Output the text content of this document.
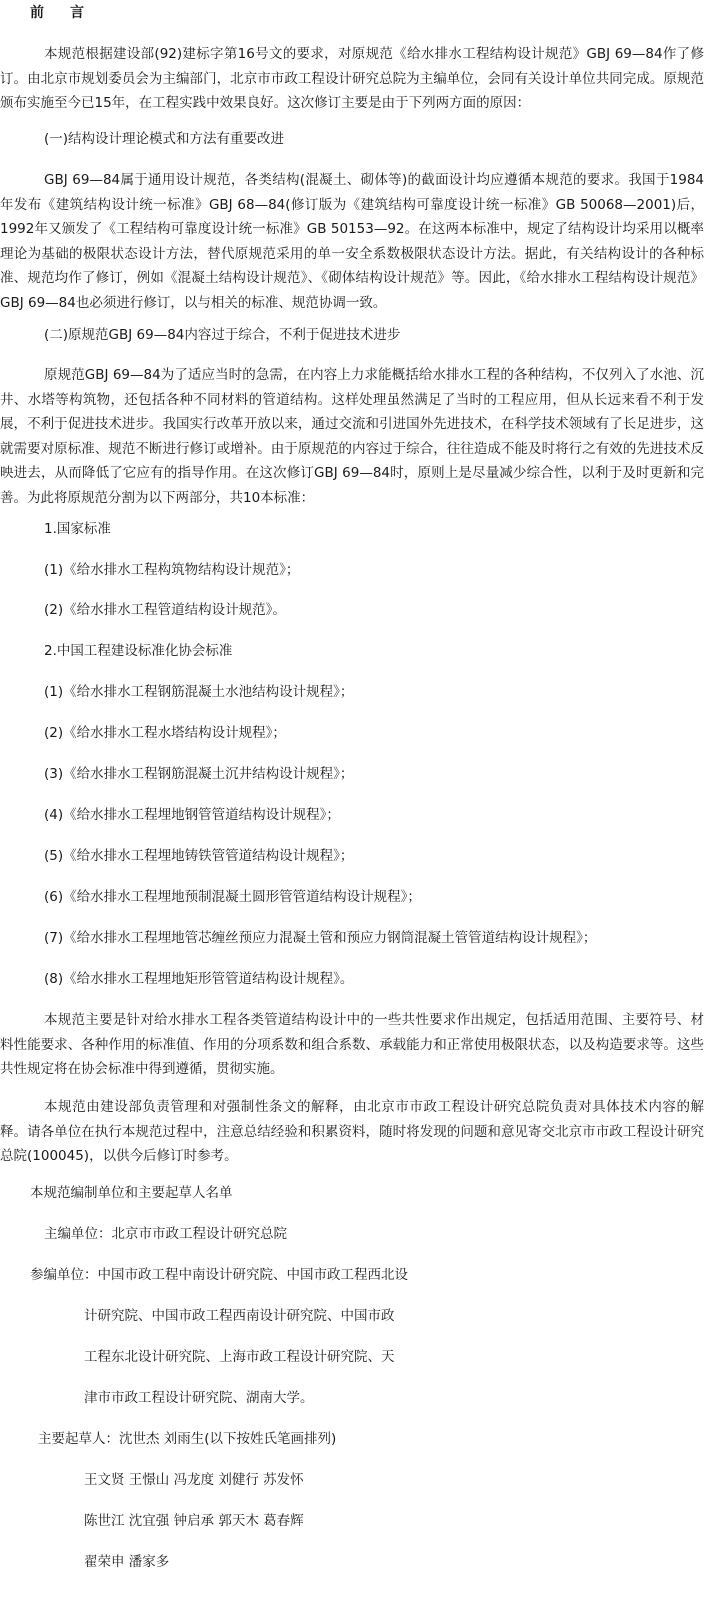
前　言

本规范根据建设部(92)建标字第16号文的要求，对原规范《给水排水工程结构设计规范》GBJ 69—84作了修订。由北京市规划委员会为主编部门，北京市市政工程设计研究总院为主编单位，会同有关设计单位共同完成。原规范颁布实施至今已15年，在工程实践中效果良好。这次修订主要是由于下列两方面的原因：

(一)结构设计理论模式和方法有重要改进

GBJ 69—84属于通用设计规范，各类结构(混凝土、砌体等)的截面设计均应遵循本规范的要求。我国于1984年发布《建筑结构设计统一标准》GBJ 68—84(修订版为《建筑结构可靠度设计统一标准》GB 50068—2001)后，1992年又颁发了《工程结构可靠度设计统一标准》GB 50153—92。在这两本标准中，规定了结构设计均采用以概率理论为基础的极限状态设计方法，替代原规范采用的单一安全系数极限状态设计方法。据此，有关结构设计的各种标准、规范均作了修订，例如《混凝土结构设计规范》、《砌体结构设计规范》等。因此，《给水排水工程结构设计规范》GBJ 69—84也必须进行修订，以与相关的标准、规范协调一致。

(二)原规范GBJ 69—84内容过于综合，不利于促进技术进步

原规范GBJ 69—84为了适应当时的急需，在内容上力求能概括给水排水工程的各种结构，不仅列入了水池、沉井、水塔等构筑物，还包括各种不同材料的管道结构。这样处理虽然满足了当时的工程应用，但从长远来看不利于发展，不利于促进技术进步。我国实行改革开放以来，通过交流和引进国外先进技术，在科学技术领域有了长足进步，这就需要对原标准、规范不断进行修订或增补。由于原规范的内容过于综合，往往造成不能及时将行之有效的先进技术反映进去，从而降低了它应有的指导作用。在这次修订GBJ 69—84时，原则上是尽量减少综合性，以利于及时更新和完善。为此将原规范分割为以下两部分，共10本标准：

1.国家标准

(1)《给水排水工程构筑物结构设计规范》；

(2)《给水排水工程管道结构设计规范》。

2.中国工程建设标准化协会标准

(1)《给水排水工程钢筋混凝土水池结构设计规程》；

(2)《给水排水工程水塔结构设计规程》；

(3)《给水排水工程钢筋混凝土沉井结构设计规程》；

(4)《给水排水工程埋地钢管管道结构设计规程》；

(5)《给水排水工程埋地铸铁管管道结构设计规程》；

(6)《给水排水工程埋地预制混凝土圆形管管道结构设计规程》；

(7)《给水排水工程埋地管芯缠丝预应力混凝土管和预应力钢筒混凝土管管道结构设计规程》；

(8)《给水排水工程埋地矩形管管道结构设计规程》。

本规范主要是针对给水排水工程各类管道结构设计中的一些共性要求作出规定，包括适用范围、主要符号、材料性能要求、各种作用的标准值、作用的分项系数和组合系数、承载能力和正常使用极限状态，以及构造要求等。这些共性规定将在协会标准中得到遵循，贯彻实施。

本规范由建设部负责管理和对强制性条文的解释，由北京市市政工程设计研究总院负责对具体技术内容的解释。请各单位在执行本规范过程中，注意总结经验和积累资料，随时将发现的问题和意见寄交北京市市政工程设计研究总院(100045)，以供今后修订时参考。

本规范编制单位和主要起草人名单

主编单位：北京市市政工程设计研究总院

参编单位：中国市政工程中南设计研究院、中国市政工程西北设

计研究院、中国市政工程西南设计研究院、中国市政

工程东北设计研究院、上海市政工程设计研究院、天

津市市政工程设计研究院、湖南大学。

主要起草人：沈世杰 刘雨生(以下按姓氏笔画排列)

王文贤 王憬山 冯龙度 刘健行 苏发怀

陈世江 沈宜强 钟启承 郭天木 葛春辉

翟荣申 潘家多
